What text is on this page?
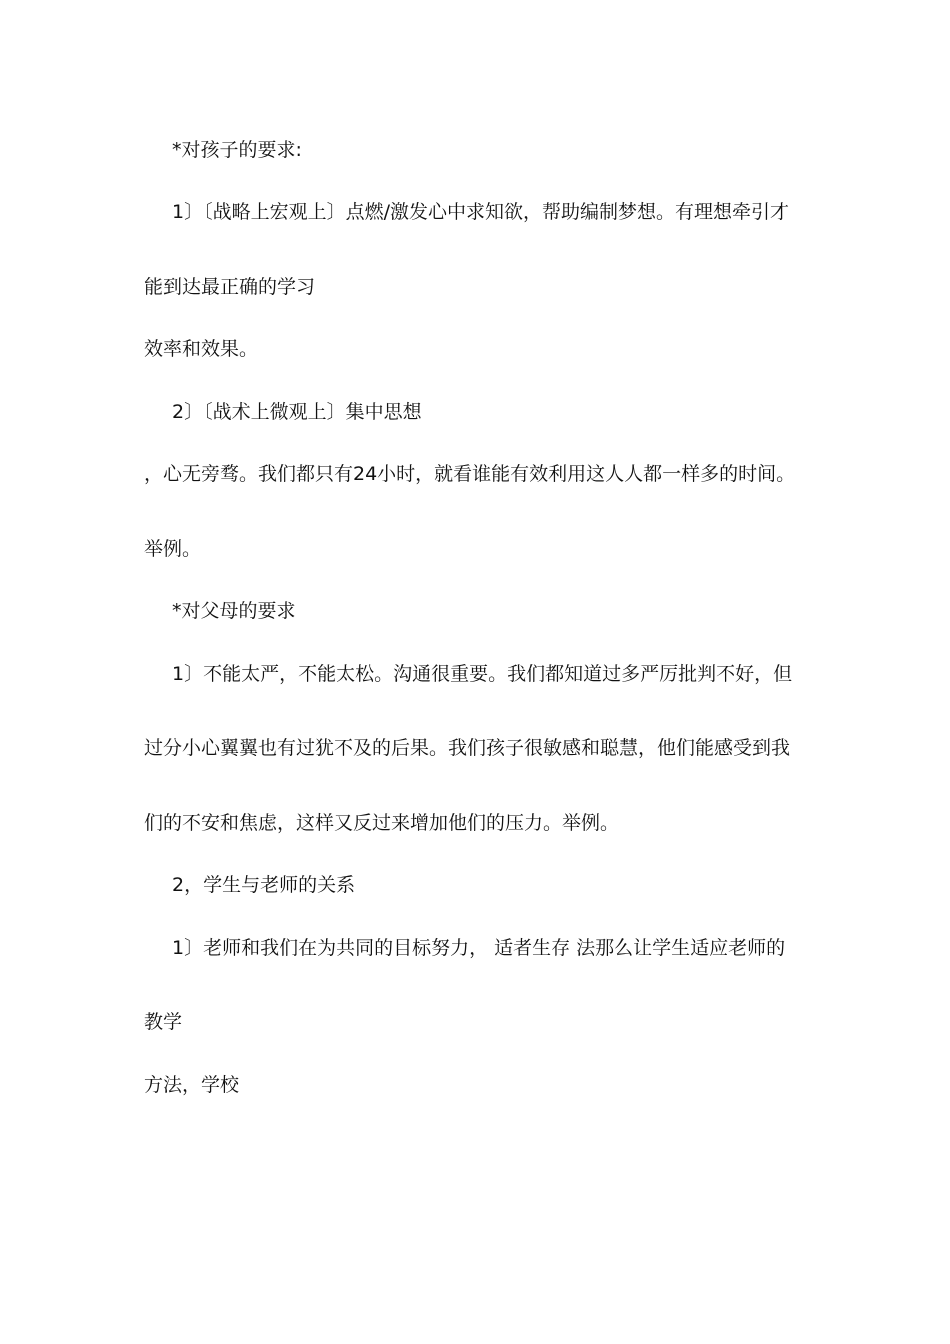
*对孩子的要求:
1〕〔战略上宏观上〕点燃/激发心中求知欲，帮助编制梦想。有理想牵引才
能到达最正确的学习
效率和效果。
2〕〔战术上微观上〕集中思想
，心无旁骛。我们都只有24小时，就看谁能有效利用这人人都一样多的时间。
举例。
*对父母的要求
1〕不能太严，不能太松。沟通很重要。我们都知道过多严厉批判不好，但
过分小心翼翼也有过犹不及的后果。我们孩子很敏感和聪慧，他们能感受到我
们的不安和焦虑，这样又反过来增加他们的压力。举例。
2，学生与老师的关系
1〕老师和我们在为共同的目标努力， 适者生存 法那么让学生适应老师的
教学
方法，学校
